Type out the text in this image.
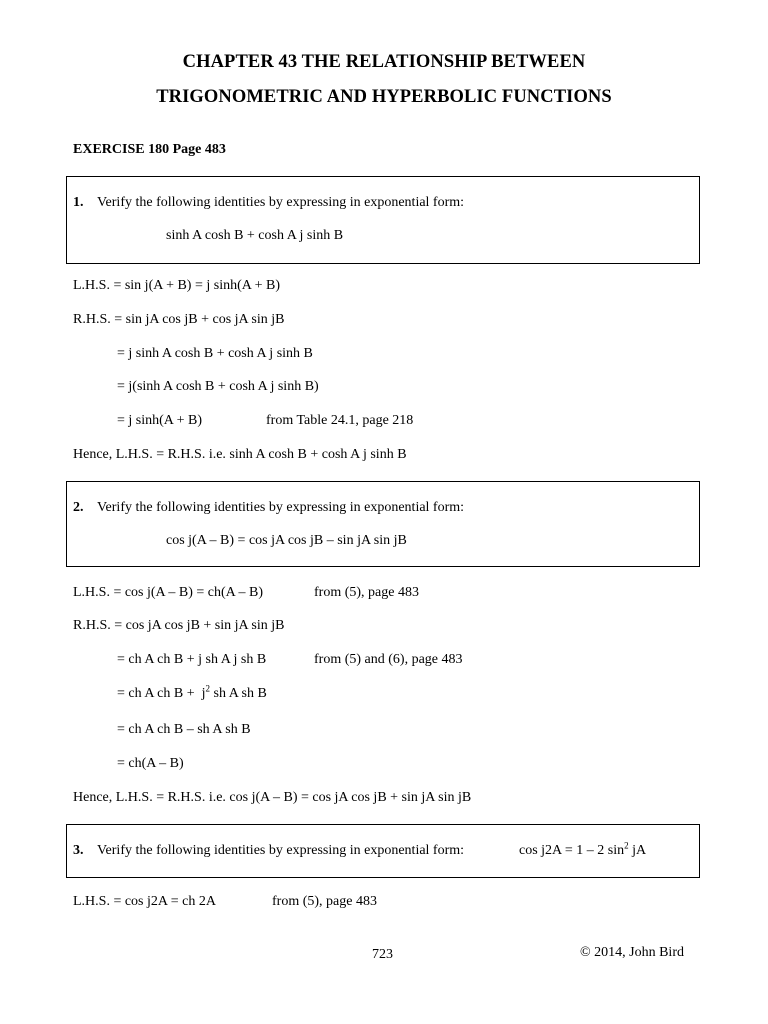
CHAPTER 43 THE RELATIONSHIP BETWEEN
TRIGONOMETRIC AND HYPERBOLIC FUNCTIONS
EXERCISE 180 Page 483
1. Verify the following identities by expressing in exponential form:
sinh A cosh B + cosh A j sinh B
L.H.S. = sin j(A + B) = j sinh(A + B)
R.H.S. = sin jA cos jB + cos jA sin jB
= j sinh A cosh B + cosh A j sinh B
= j(sinh A cosh B + cosh A j sinh B)
= j sinh(A + B)	from Table 24.1, page 218
Hence, L.H.S. = R.H.S. i.e. sinh A cosh B + cosh A j sinh B
2. Verify the following identities by expressing in exponential form:
cos j(A – B) = cos jA cos jB – sin jA sin jB
L.H.S. = cos j(A – B) = ch(A – B)	from (5), page 483
R.H.S. = cos jA cos jB + sin jA sin jB
= ch A ch B + j sh A j sh B	from (5) and (6), page 483
= ch A ch $B + j^2$ sh A sh B
= ch A ch B – sh A sh B
= ch(A – B)
Hence, L.H.S. = R.H.S. i.e. cos j(A – B) = cos jA cos jB + sin jA sin jB
3. Verify the following identities by expressing in exponential form:	cos j2A = 1 – 2 $\sin^2$ jA
L.H.S. = cos j2A = ch 2A	from (5), page 483
723	© 2014, John Bird
